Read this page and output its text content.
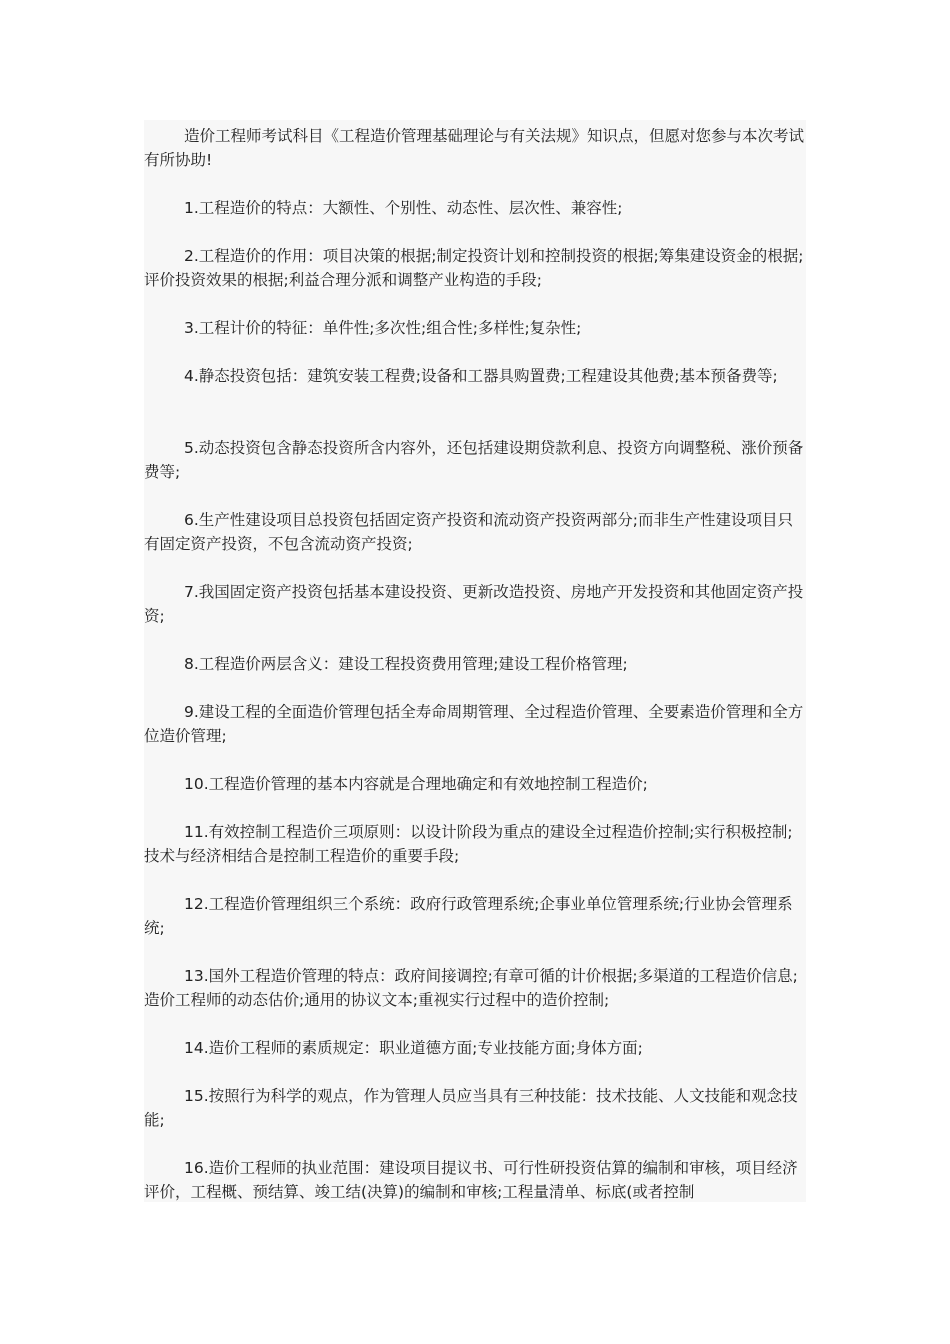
造价工程师考试科目《工程造价管理基础理论与有关法规》知识点，但愿对您参与本次考试有所协助!

1.工程造价的特点：大额性、个别性、动态性、层次性、兼容性;

2.工程造价的作用：项目决策的根据;制定投资计划和控制投资的根据;筹集建设资金的根据;评价投资效果的根据;利益合理分派和调整产业构造的手段;

3.工程计价的特征：单件性;多次性;组合性;多样性;复杂性;

4.静态投资包括：建筑安装工程费;设备和工器具购置费;工程建设其他费;基本预备费等;

5.动态投资包含静态投资所含内容外，还包括建设期贷款利息、投资方向调整税、涨价预备费等;

6.生产性建设项目总投资包括固定资产投资和流动资产投资两部分;而非生产性建设项目只有固定资产投资，不包含流动资产投资;

7.我国固定资产投资包括基本建设投资、更新改造投资、房地产开发投资和其他固定资产投资;

8.工程造价两层含义：建设工程投资费用管理;建设工程价格管理;

9.建设工程的全面造价管理包括全寿命周期管理、全过程造价管理、全要素造价管理和全方位造价管理;

10.工程造价管理的基本内容就是合理地确定和有效地控制工程造价;

11.有效控制工程造价三项原则：以设计阶段为重点的建设全过程造价控制;实行积极控制;技术与经济相结合是控制工程造价的重要手段;

12.工程造价管理组织三个系统：政府行政管理系统;企事业单位管理系统;行业协会管理系统;

13.国外工程造价管理的特点：政府间接调控;有章可循的计价根据;多渠道的工程造价信息;造价工程师的动态估价;通用的协议文本;重视实行过程中的造价控制;

14.造价工程师的素质规定：职业道德方面;专业技能方面;身体方面;

15.按照行为科学的观点，作为管理人员应当具有三种技能：技术技能、人文技能和观念技能;

16.造价工程师的执业范围：建设项目提议书、可行性研投资估算的编制和审核，项目经济评价，工程概、预结算、竣工结(决算)的编制和审核;工程量清单、标底(或者控制
